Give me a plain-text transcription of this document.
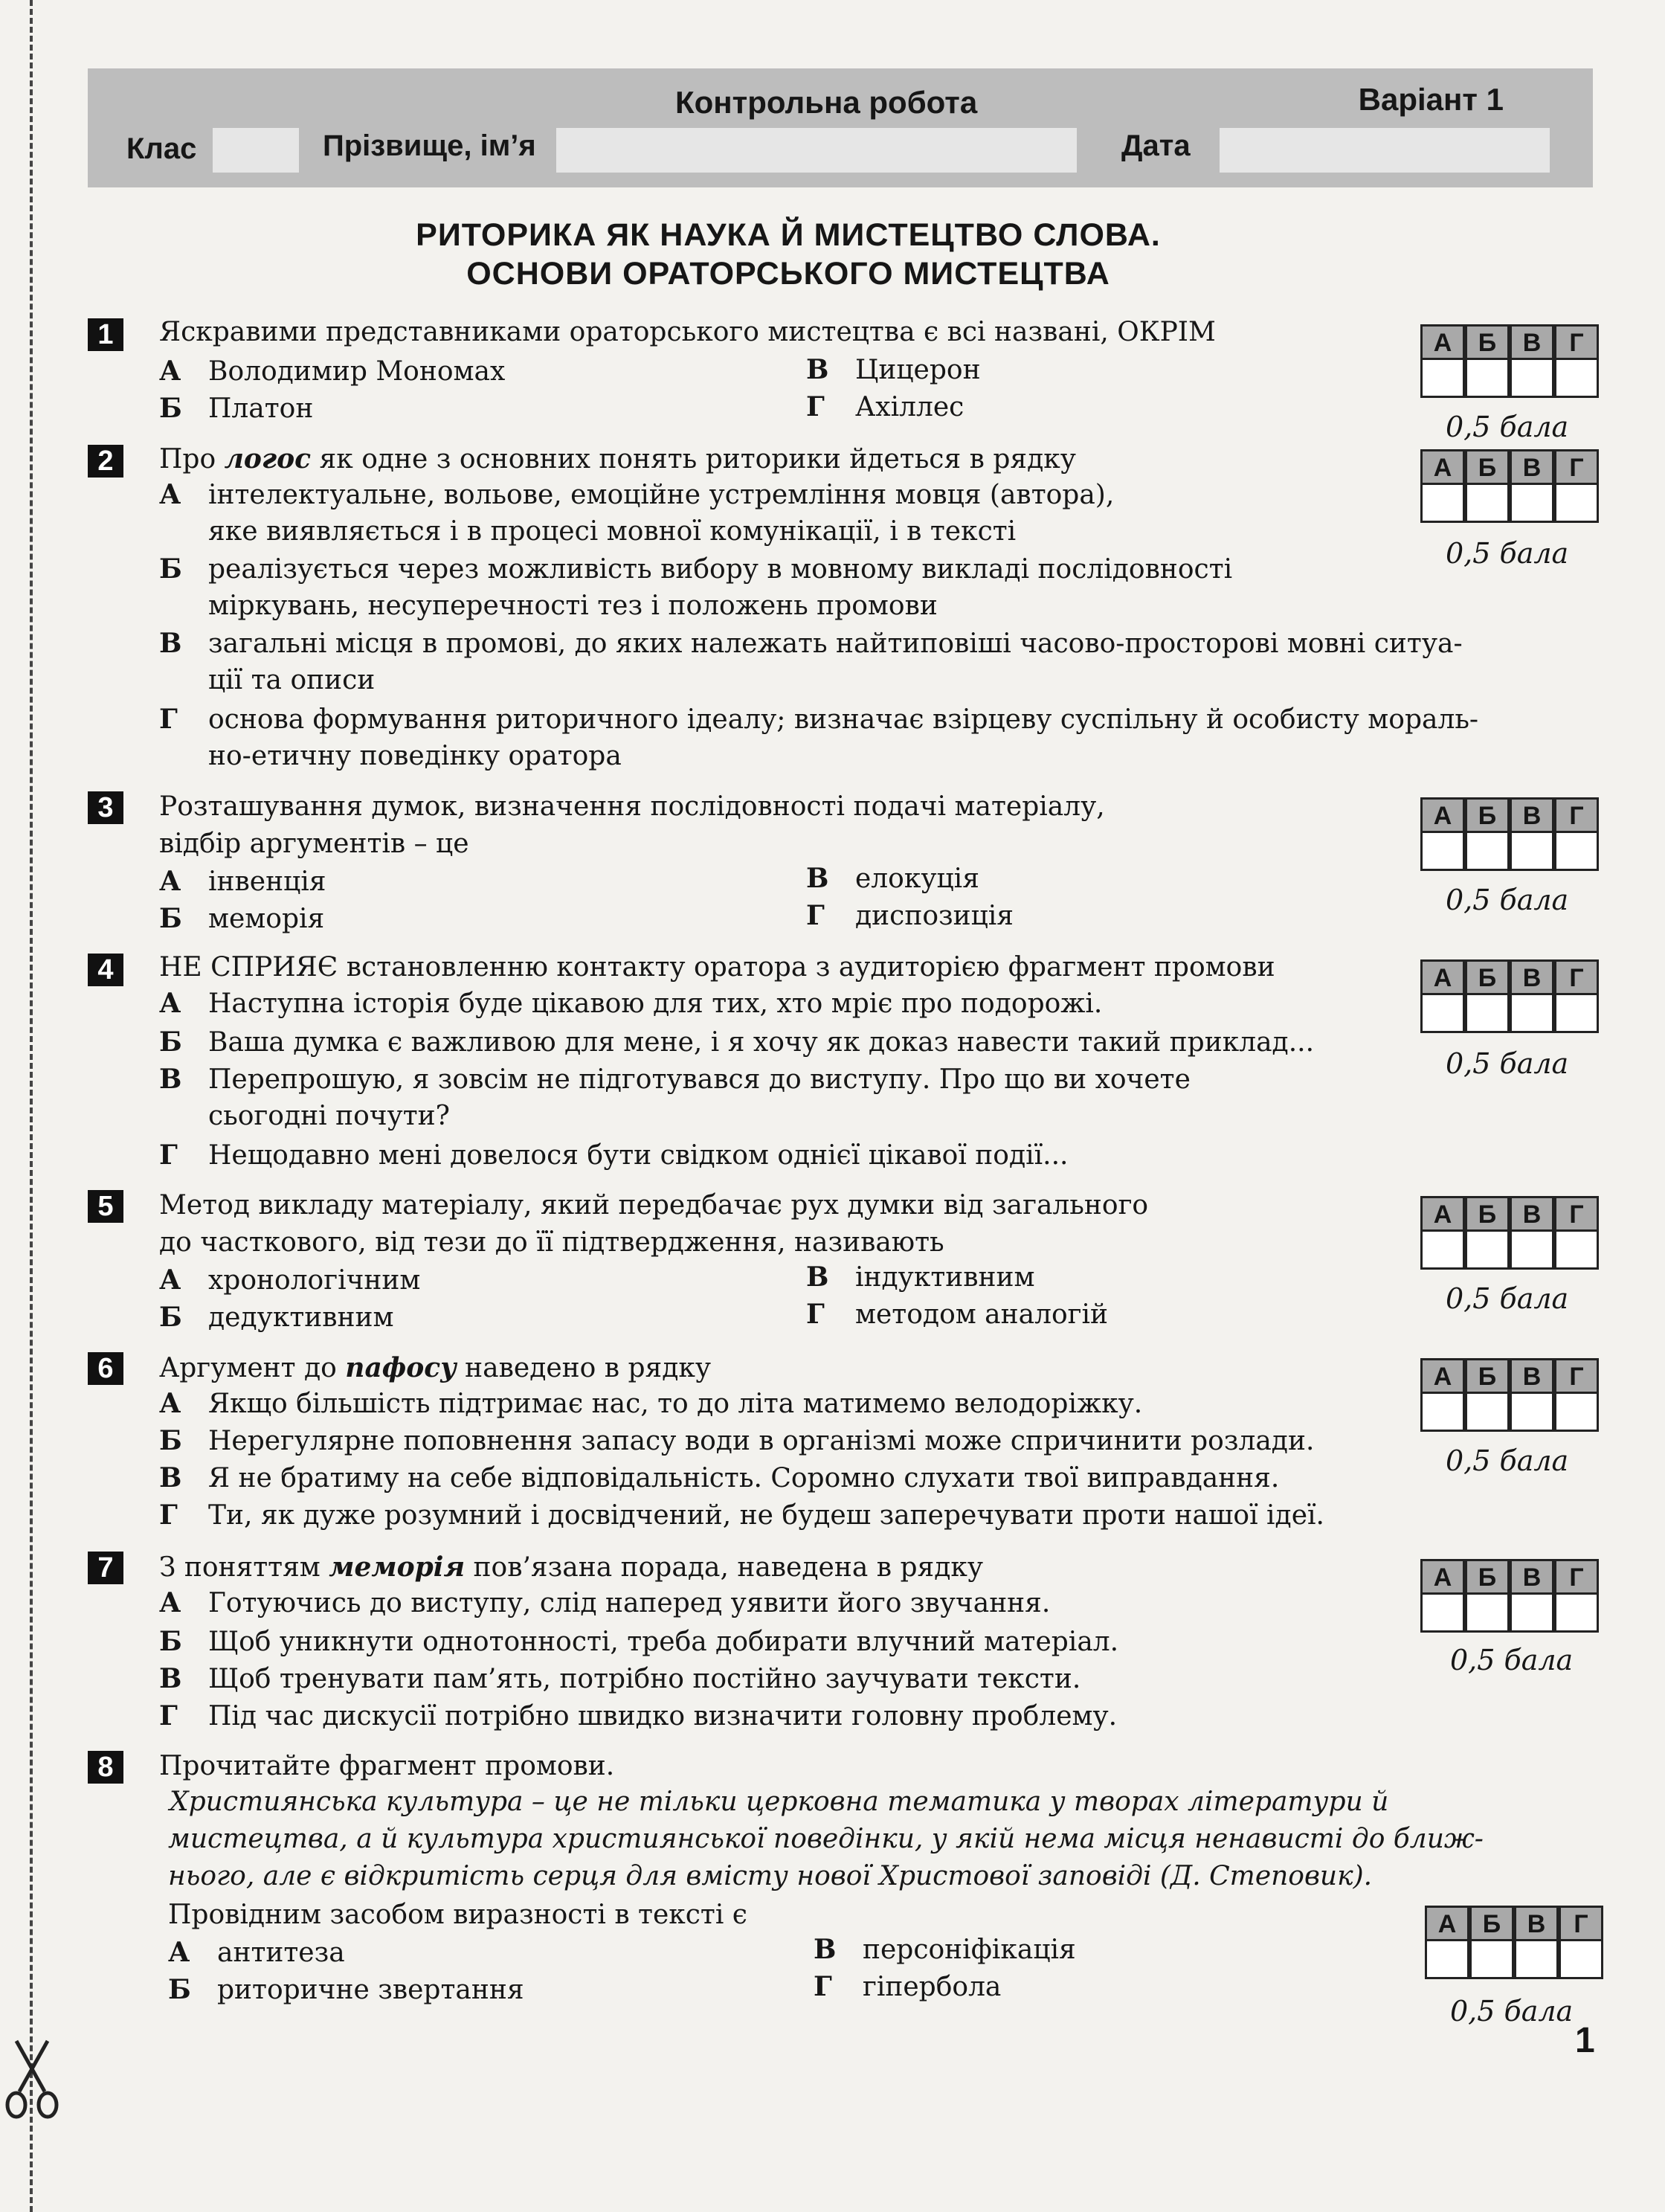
Контрольна робота	Варіант 1
Клас	Прізвище, ім’я	Дата
РИТОРИКА ЯК НАУКА Й МИСТЕЦТВО СЛОВА.
ОСНОВИ ОРАТОРСЬКОГО МИСТЕЦТВА
1	Яскравими представниками ораторського мистецтва є всі названі, ОКРІМ
А Володимир Мономах	В Цицерон
Б Платон	Г Ахіллес
А	Б	В	Г
0,5 бала
2	Про логос як одне з основних понять риторики йдеться в рядку
А інтелектуальне, вольове, емоційне устремління мовця (автора),
яке виявляється і в процесі мовної комунікації, і в тексті
Б реалізується через можливість вибору в мовному викладі послідовності
міркувань, несуперечності тез і положень промови
В загальні місця в промові, до яких належать найтиповіші часово-просторові мовні ситуа-
ції та описи
Г основа формування риторичного ідеалу; визначає взірцеву суспільну й особисту мораль-
но-етичну поведінку оратора
А	Б	В	Г
0,5 бала
3	Розташування думок, визначення послідовності подачі матеріалу,
відбір аргументів – це
А інвенція	В елокуція
Б меморія	Г диспозиція
А	Б	В	Г
0,5 бала
4	НЕ СПРИЯЄ встановленню контакту оратора з аудиторією фрагмент промови
А Наступна історія буде цікавою для тих, хто мріє про подорожі.
Б Ваша думка є важливою для мене, і я хочу як доказ навести такий приклад...
В Перепрошую, я зовсім не підготувався до виступу. Про що ви хочете
сьогодні почути?
Г Нещодавно мені довелося бути свідком однієї цікавої події...
А	Б	В	Г
0,5 бала
5	Метод викладу матеріалу, який передбачає рух думки від загального
до часткового, від тези до її підтвердження, називають
А хронологічним	В індуктивним
Б дедуктивним	Г методом аналогій
А	Б	В	Г
0,5 бала
6	Аргумент до пафосу наведено в рядку
А Якщо більшість підтримає нас, то до літа матимемо велодоріжку.
Б Нерегулярне поповнення запасу води в організмі може спричинити розлади.
В Я не братиму на себе відповідальність. Соромно слухати твої виправдання.
Г Ти, як дуже розумний і досвідчений, не будеш заперечувати проти нашої ідеї.
А	Б	В	Г
0,5 бала
7	З поняттям меморія пов’язана порада, наведена в рядку
А Готуючись до виступу, слід наперед уявити його звучання.
Б Щоб уникнути однотонності, треба добирати влучний матеріал.
В Щоб тренувати пам’ять, потрібно постійно заучувати тексти.
Г Під час дискусії потрібно швидко визначити головну проблему.
А	Б	В	Г
0,5 бала
8	Прочитайте фрагмент промови.
Християнська культура – це не тільки церковна тематика у творах літератури й
мистецтва, а й культура християнської поведінки, у якій нема місця ненависті до ближ-
нього, але є відкритість серця для вміcту нової Христової заповіді (Д. Степовик).
Провідним засобом виразності в тексті є
А антитеза	В персоніфікація
Б риторичне звертання	Г гіпербола
А	Б	В	Г
0,5 бала
1
